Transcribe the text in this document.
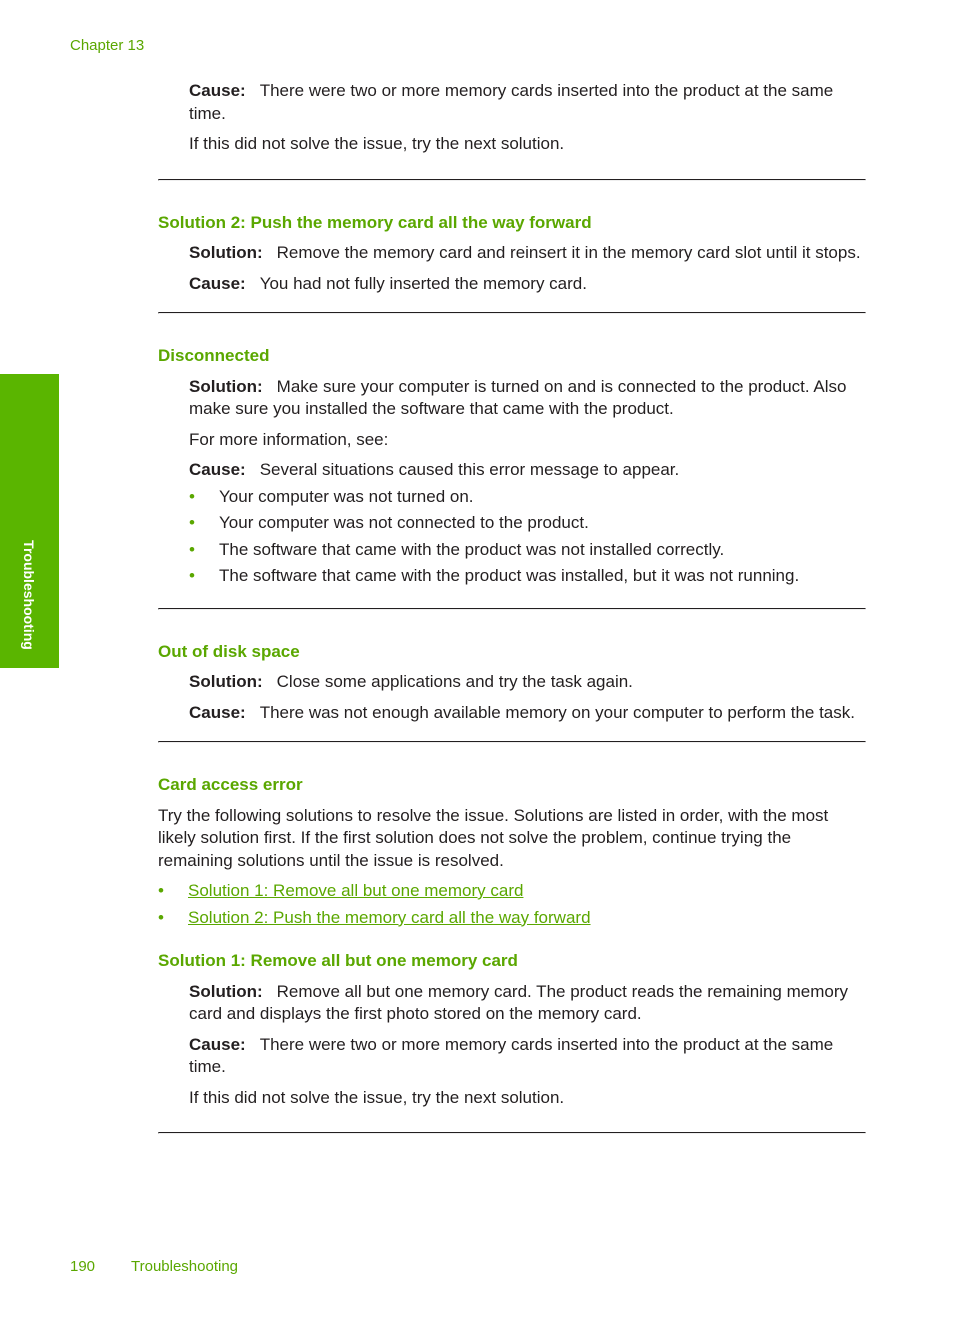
Chapter 13
Troubleshooting

Cause: There were two or more memory cards inserted into the product at the same time.

If this did not solve the issue, try the next solution.

Solution 2: Push the memory card all the way forward

Solution: Remove the memory card and reinsert it in the memory card slot until it stops.

Cause: You had not fully inserted the memory card.

Disconnected

Solution: Make sure your computer is turned on and is connected to the product. Also make sure you installed the software that came with the product.

For more information, see:

Cause: Several situations caused this error message to appear.

• Your computer was not turned on.
• Your computer was not connected to the product.
• The software that came with the product was not installed correctly.
• The software that came with the product was installed, but it was not running.
Out of disk space

Solution: Close some applications and try the task again.

Cause: There was not enough available memory on your computer to perform the task.

Card access error

Try the following solutions to resolve the issue. Solutions are listed in order, with the most likely solution first. If the first solution does not solve the problem, continue trying the remaining solutions until the issue is resolved.

• Solution 1: Remove all but one memory card
• Solution 2: Push the memory card all the way forward
Solution 1: Remove all but one memory card

Solution: Remove all but one memory card. The product reads the remaining memory card and displays the first photo stored on the memory card.

Cause: There were two or more memory cards inserted into the product at the same time.

If this did not solve the issue, try the next solution.

190 Troubleshooting
